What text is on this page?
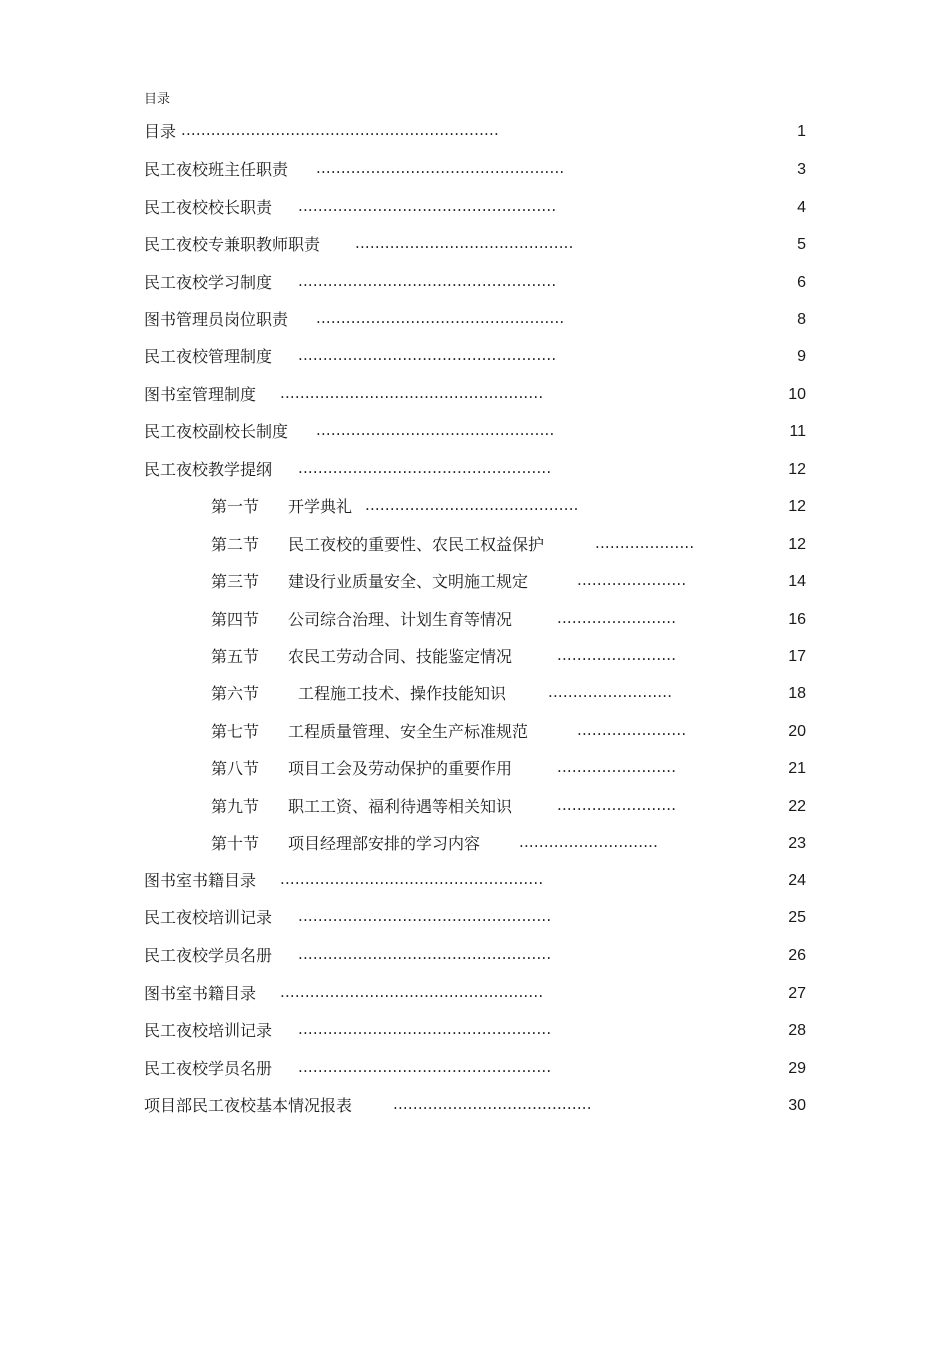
目录
目录 ................................................................	1
民工夜校班主任职责 ..................................................	3
民工夜校校长职责 ....................................................	4
民工夜校专兼职教师职责 ............................................	5
民工夜校学习制度 ....................................................	6
图书管理员岗位职责 ..................................................	8
民工夜校管理制度 ....................................................	9
图书室管理制度 .....................................................	10
民工夜校副校长制度 ................................................	11
民工夜校教学提纲 ...................................................	12
第一节 开学典礼 ...........................................	12
第二节 民工夜校的重要性、农民工权益保护	....................	12
第三节 建设行业质量安全、文明施工规定	......................	14
第四节 公司综合治理、计划生育等情况	........................	16
第五节 农民工劳动合同、技能鉴定情况	........................	17
第六节 工程施工技术、操作技能知识	.........................	18
第七节 工程质量管理、安全生产标准规范	......................	20
第八节 项目工会及劳动保护的重要作用	........................	21
第九节 职工工资、福利待遇等相关知识	........................	22
第十节 项目经理部安排的学习内容	............................	23
图书室书籍目录 .....................................................	24
民工夜校培训记录 ...................................................	25
民工夜校学员名册 ...................................................	26
图书室书籍目录 .....................................................	27
民工夜校培训记录 ...................................................	28
民工夜校学员名册 ...................................................	29
项目部民工夜校基本情况报表	........................................	30
